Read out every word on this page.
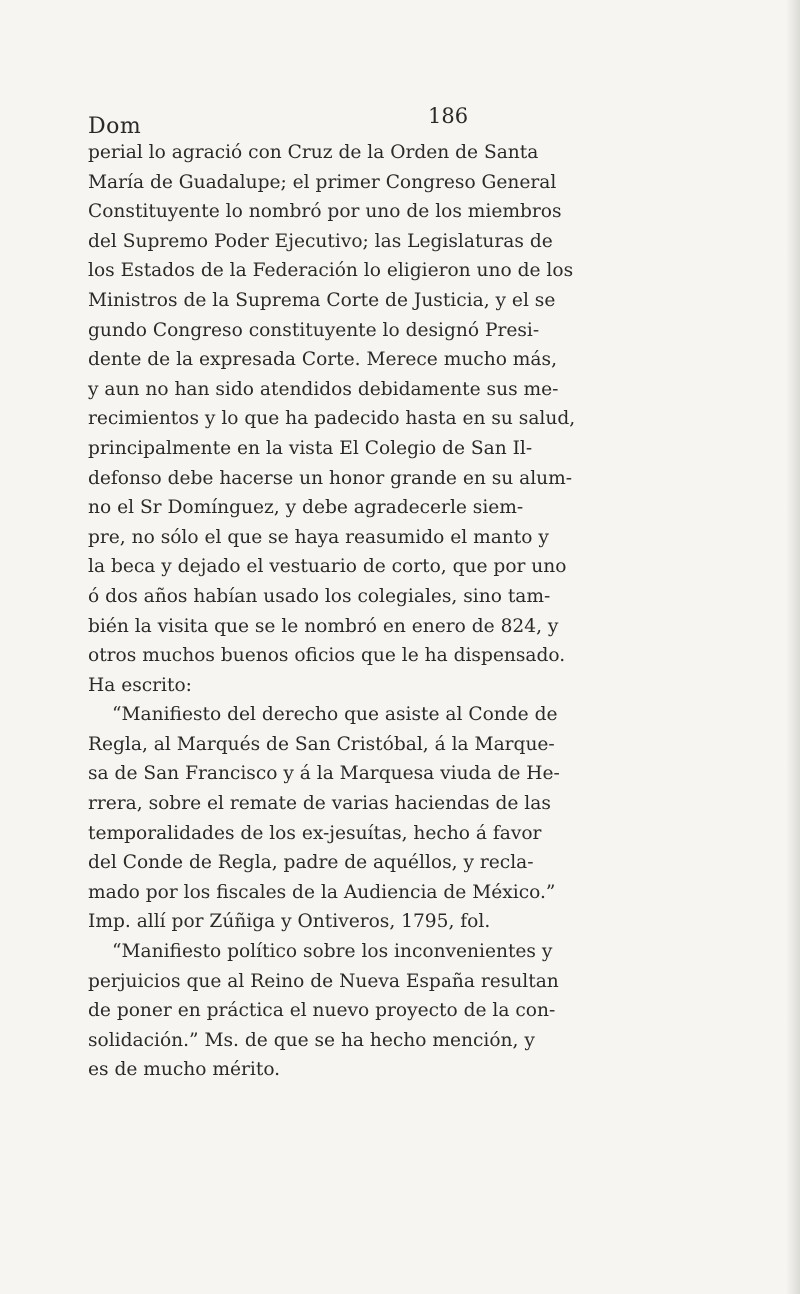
Dom	186
perial lo agració con Cruz de la Orden de Santa
María de Guadalupe; el primer Congreso General
Constituyente lo nombró por uno de los miembros
del Supremo Poder Ejecutivo; las Legislaturas de
los Estados de la Federación lo eligieron uno de los
Ministros de la Suprema Corte de Justicia, y el se
gundo Congreso constituyente lo designó Presi-
dente de la expresada Corte. Merece mucho más,
y aun no han sido atendidos debidamente sus me-
recimientos y lo que ha padecido hasta en su salud,
principalmente en la vista El Colegio de San Il-
defonso debe hacerse un honor grande en su alum-
no el Sr Domínguez, y debe agradecerle siem-
pre, no sólo el que se haya reasumido el manto y
la beca y dejado el vestuario de corto, que por uno
ó dos años habían usado los colegiales, sino tam-
bién la visita que se le nombró en enero de 824, y
otros muchos buenos oficios que le ha dispensado.
Ha escrito:
“Manifiesto del derecho que asiste al Conde de
Regla, al Marqués de San Cristóbal, á la Marque-
sa de San Francisco y á la Marquesa viuda de He-
rrera, sobre el remate de varias haciendas de las
temporalidades de los ex-jesuítas, hecho á favor
del Conde de Regla, padre de aquéllos, y recla-
mado por los fiscales de la Audiencia de México.”
Imp. allí por Zúñiga y Ontiveros, 1795, fol.
“Manifiesto político sobre los inconvenientes y
perjuicios que al Reino de Nueva España resultan
de poner en práctica el nuevo proyecto de la con-
solidación.” Ms. de que se ha hecho mención, y
es de mucho mérito.
